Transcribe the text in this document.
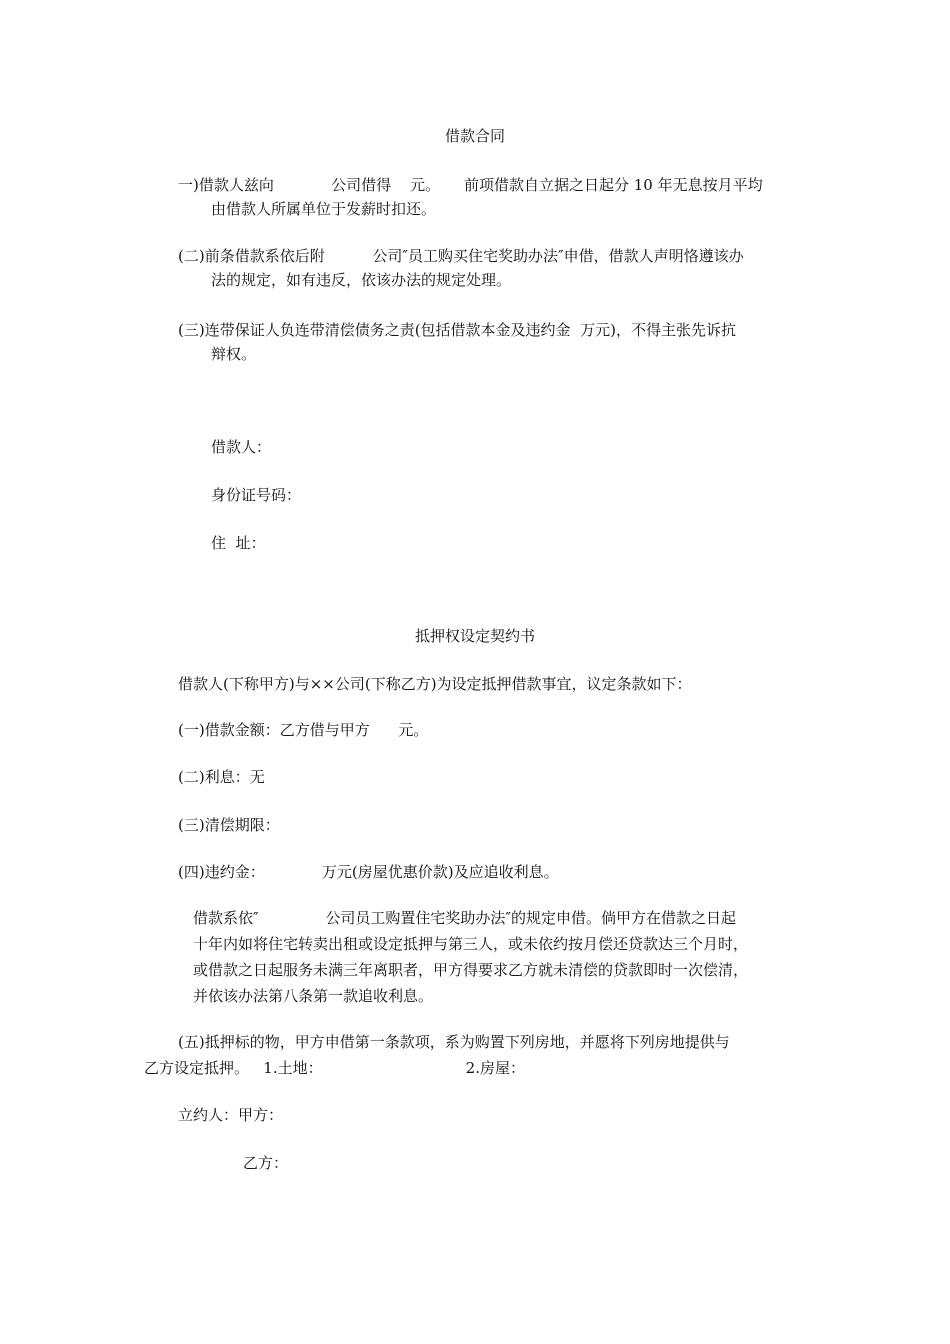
借款合同
一)借款人兹向            公司借得    元。     前项借款自立据之日起分 10 年无息按月平均
由借款人所属单位于发薪时扣还。
(二)前条借款系依后附          公司″员工购买住宅奖助办法″申借，借款人声明恪遵该办
法的规定，如有违反，依该办法的规定处理。
(三)连带保证人负连带清偿债务之责(包括借款本金及违约金  万元)，不得主张先诉抗
辩权。
借款人：
身份证号码：
住  址：
抵押权设定契约书
借款人(下称甲方)与××公司(下称乙方)为设定抵押借款事宜，议定条款如下：
(一)借款金额：乙方借与甲方      元。
(二)利息：无
(三)清偿期限：
(四)违约金：            万元(房屋优惠价款)及应追收利息。
借款系依″              公司员工购置住宅奖助办法″的规定申借。倘甲方在借款之日起
十年内如将住宅转卖出租或设定抵押与第三人，或未依约按月偿还贷款达三个月时，
或借款之日起服务未满三年离职者，甲方得要求乙方就未清偿的贷款即时一次偿清，
并依该办法第八条第一款追收利息。
(五)抵押标的物，甲方申借第一条款项，系为购置下列房地，并愿将下列房地提供与
乙方设定抵押。   1.土地：                              2.房屋：
立约人：甲方：
乙方：
